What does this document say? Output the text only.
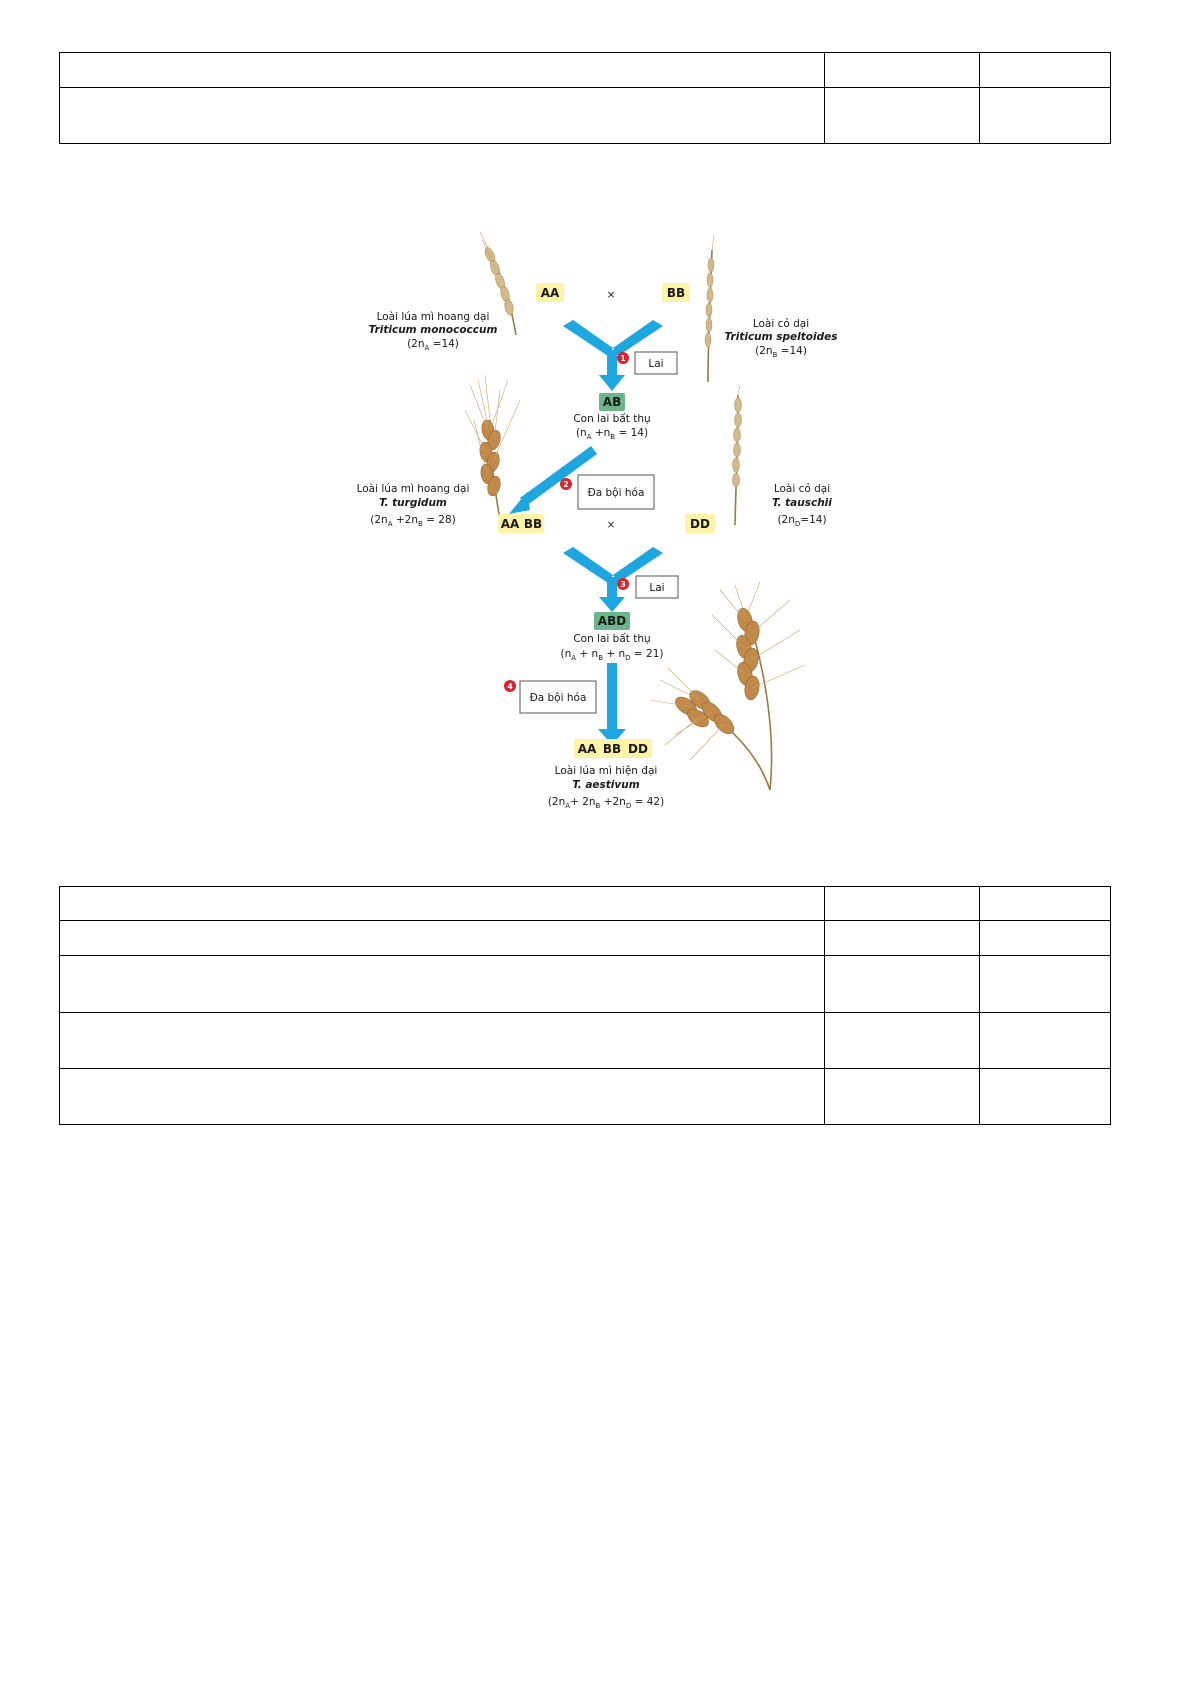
AA	×	BB
Loài lúa mì hoang dại
Triticum monococcum
$(2n_A =14)$
Loài cỏ dại
Triticum speltoides
$(2n_B =14)$
1 Lai
AB
Con lai bất thụ
$(n_A +n_B = 14)$
2
Đa bội hóa
Loài lúa mì hoang dại
T. turgidum
$(2n_A +2n_B = 28)$	AA BB	×	DD
Loài cỏ dại
T. tauschii
$(2n_D=14)$
3 Lai
ABD
Con lai bất thụ
$(n_A + n_B + n_D = 21)$
4
Đa bội hóa
AA BB DD
Loài lúa mì hiện đại
T. aestivum
$(2n_A+ 2n_B +2n_D = 42)$
